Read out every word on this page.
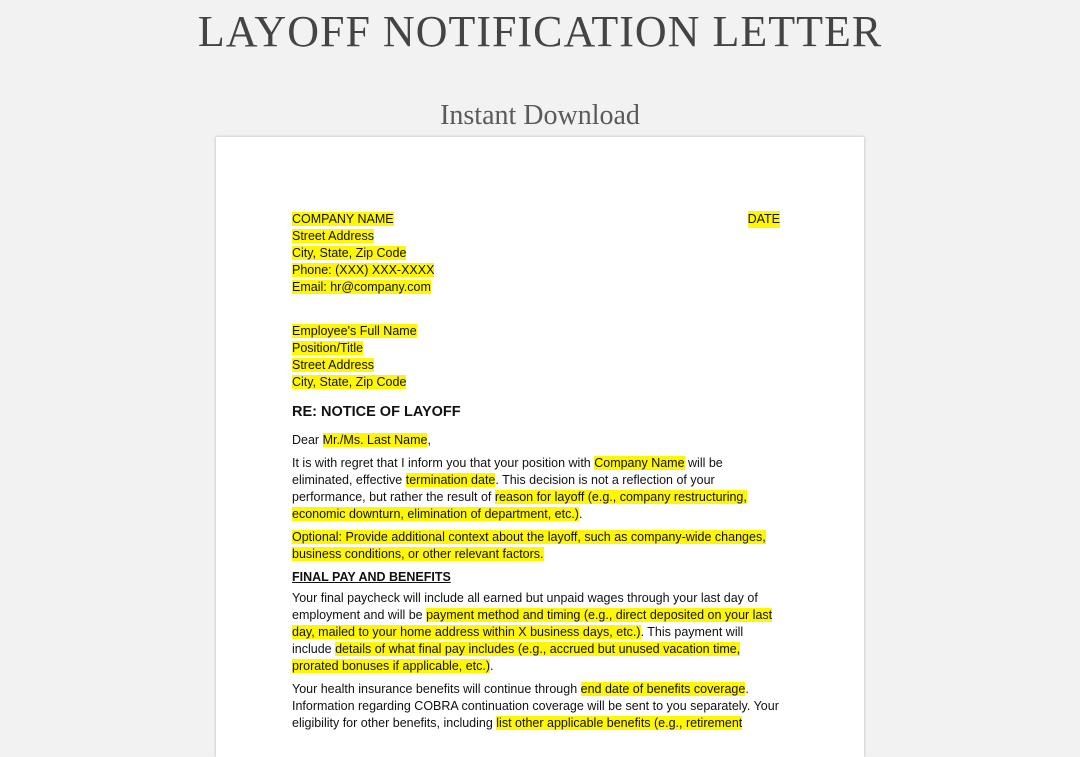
LAYOFF NOTIFICATION LETTER
Instant Download

COMPANY NAME

Street Address

City, State, Zip Code

Phone: (XXX) XXX-XXXX

Email: hr@company.com

DATE

Employee's Full Name

Position/Title

Street Address

City, State, Zip Code

RE: NOTICE OF LAYOFF

Dear Mr./Ms. Last Name,

It is with regret that I inform you that your position with Company Name will be eliminated, effective termination date. This decision is not a reflection of your performance, but rather the result of reason for layoff (e.g., company restructuring, economic downturn, elimination of department, etc.).

Optional: Provide additional context about the layoff, such as company-wide changes, business conditions, or other relevant factors.

FINAL PAY AND BENEFITS

Your final paycheck will include all earned but unpaid wages through your last day of employment and will be payment method and timing (e.g., direct deposited on your last day, mailed to your home address within X business days, etc.). This payment will include details of what final pay includes (e.g., accrued but unused vacation time, prorated bonuses if applicable, etc.).

Your health insurance benefits will continue through end date of benefits coverage. Information regarding COBRA continuation coverage will be sent to you separately. Your eligibility for other benefits, including list other applicable benefits (e.g., retirement
